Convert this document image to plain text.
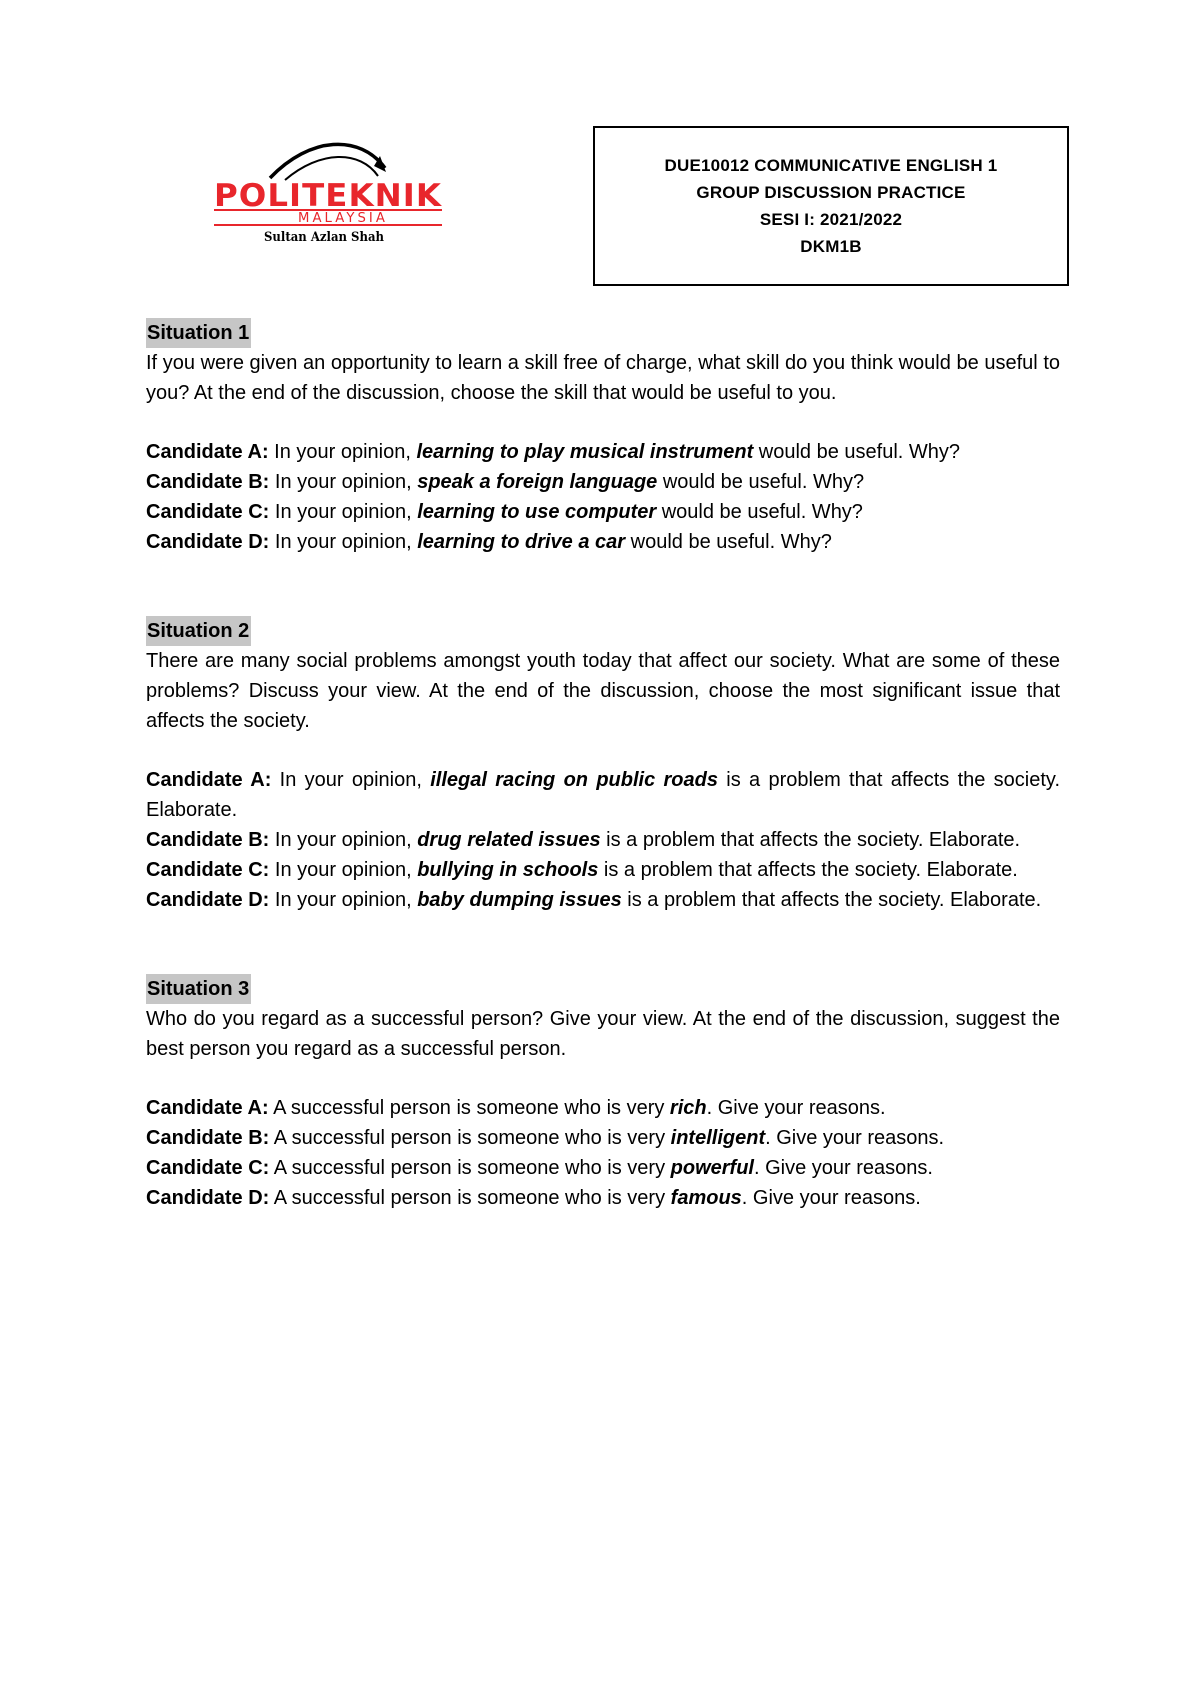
POLITEKNIK
MALAYSIA
Sultan Azlan Shah
DUE10012 COMMUNICATIVE ENGLISH 1
GROUP DISCUSSION PRACTICE
SESI I: 2021/2022
DKM1B
Situation 1

If you were given an opportunity to learn a skill free of charge, what skill do you think would be useful to you? At the end of the discussion, choose the skill that would be useful to you.

Candidate A: In your opinion, learning to play musical instrument would be useful. Why?

Candidate B: In your opinion, speak a foreign language would be useful. Why?

Candidate C: In your opinion, learning to use computer would be useful. Why?

Candidate D: In your opinion, learning to drive a car would be useful. Why?

Situation 2

There are many social problems amongst youth today that affect our society. What are some of these problems? Discuss your view. At the end of the discussion, choose the most significant issue that affects the society.

Candidate A: In your opinion, illegal racing on public roads is a problem that affects the society. Elaborate.

Candidate B: In your opinion, drug related issues is a problem that affects the society. Elaborate.

Candidate C: In your opinion, bullying in schools is a problem that affects the society. Elaborate.

Candidate D: In your opinion, baby dumping issues is a problem that affects the society. Elaborate.

Situation 3

Who do you regard as a successful person? Give your view. At the end of the discussion, suggest the best person you regard as a successful person.

Candidate A: A successful person is someone who is very rich. Give your reasons.

Candidate B: A successful person is someone who is very intelligent. Give your reasons.

Candidate C: A successful person is someone who is very powerful. Give your reasons.

Candidate D: A successful person is someone who is very famous. Give your reasons.
